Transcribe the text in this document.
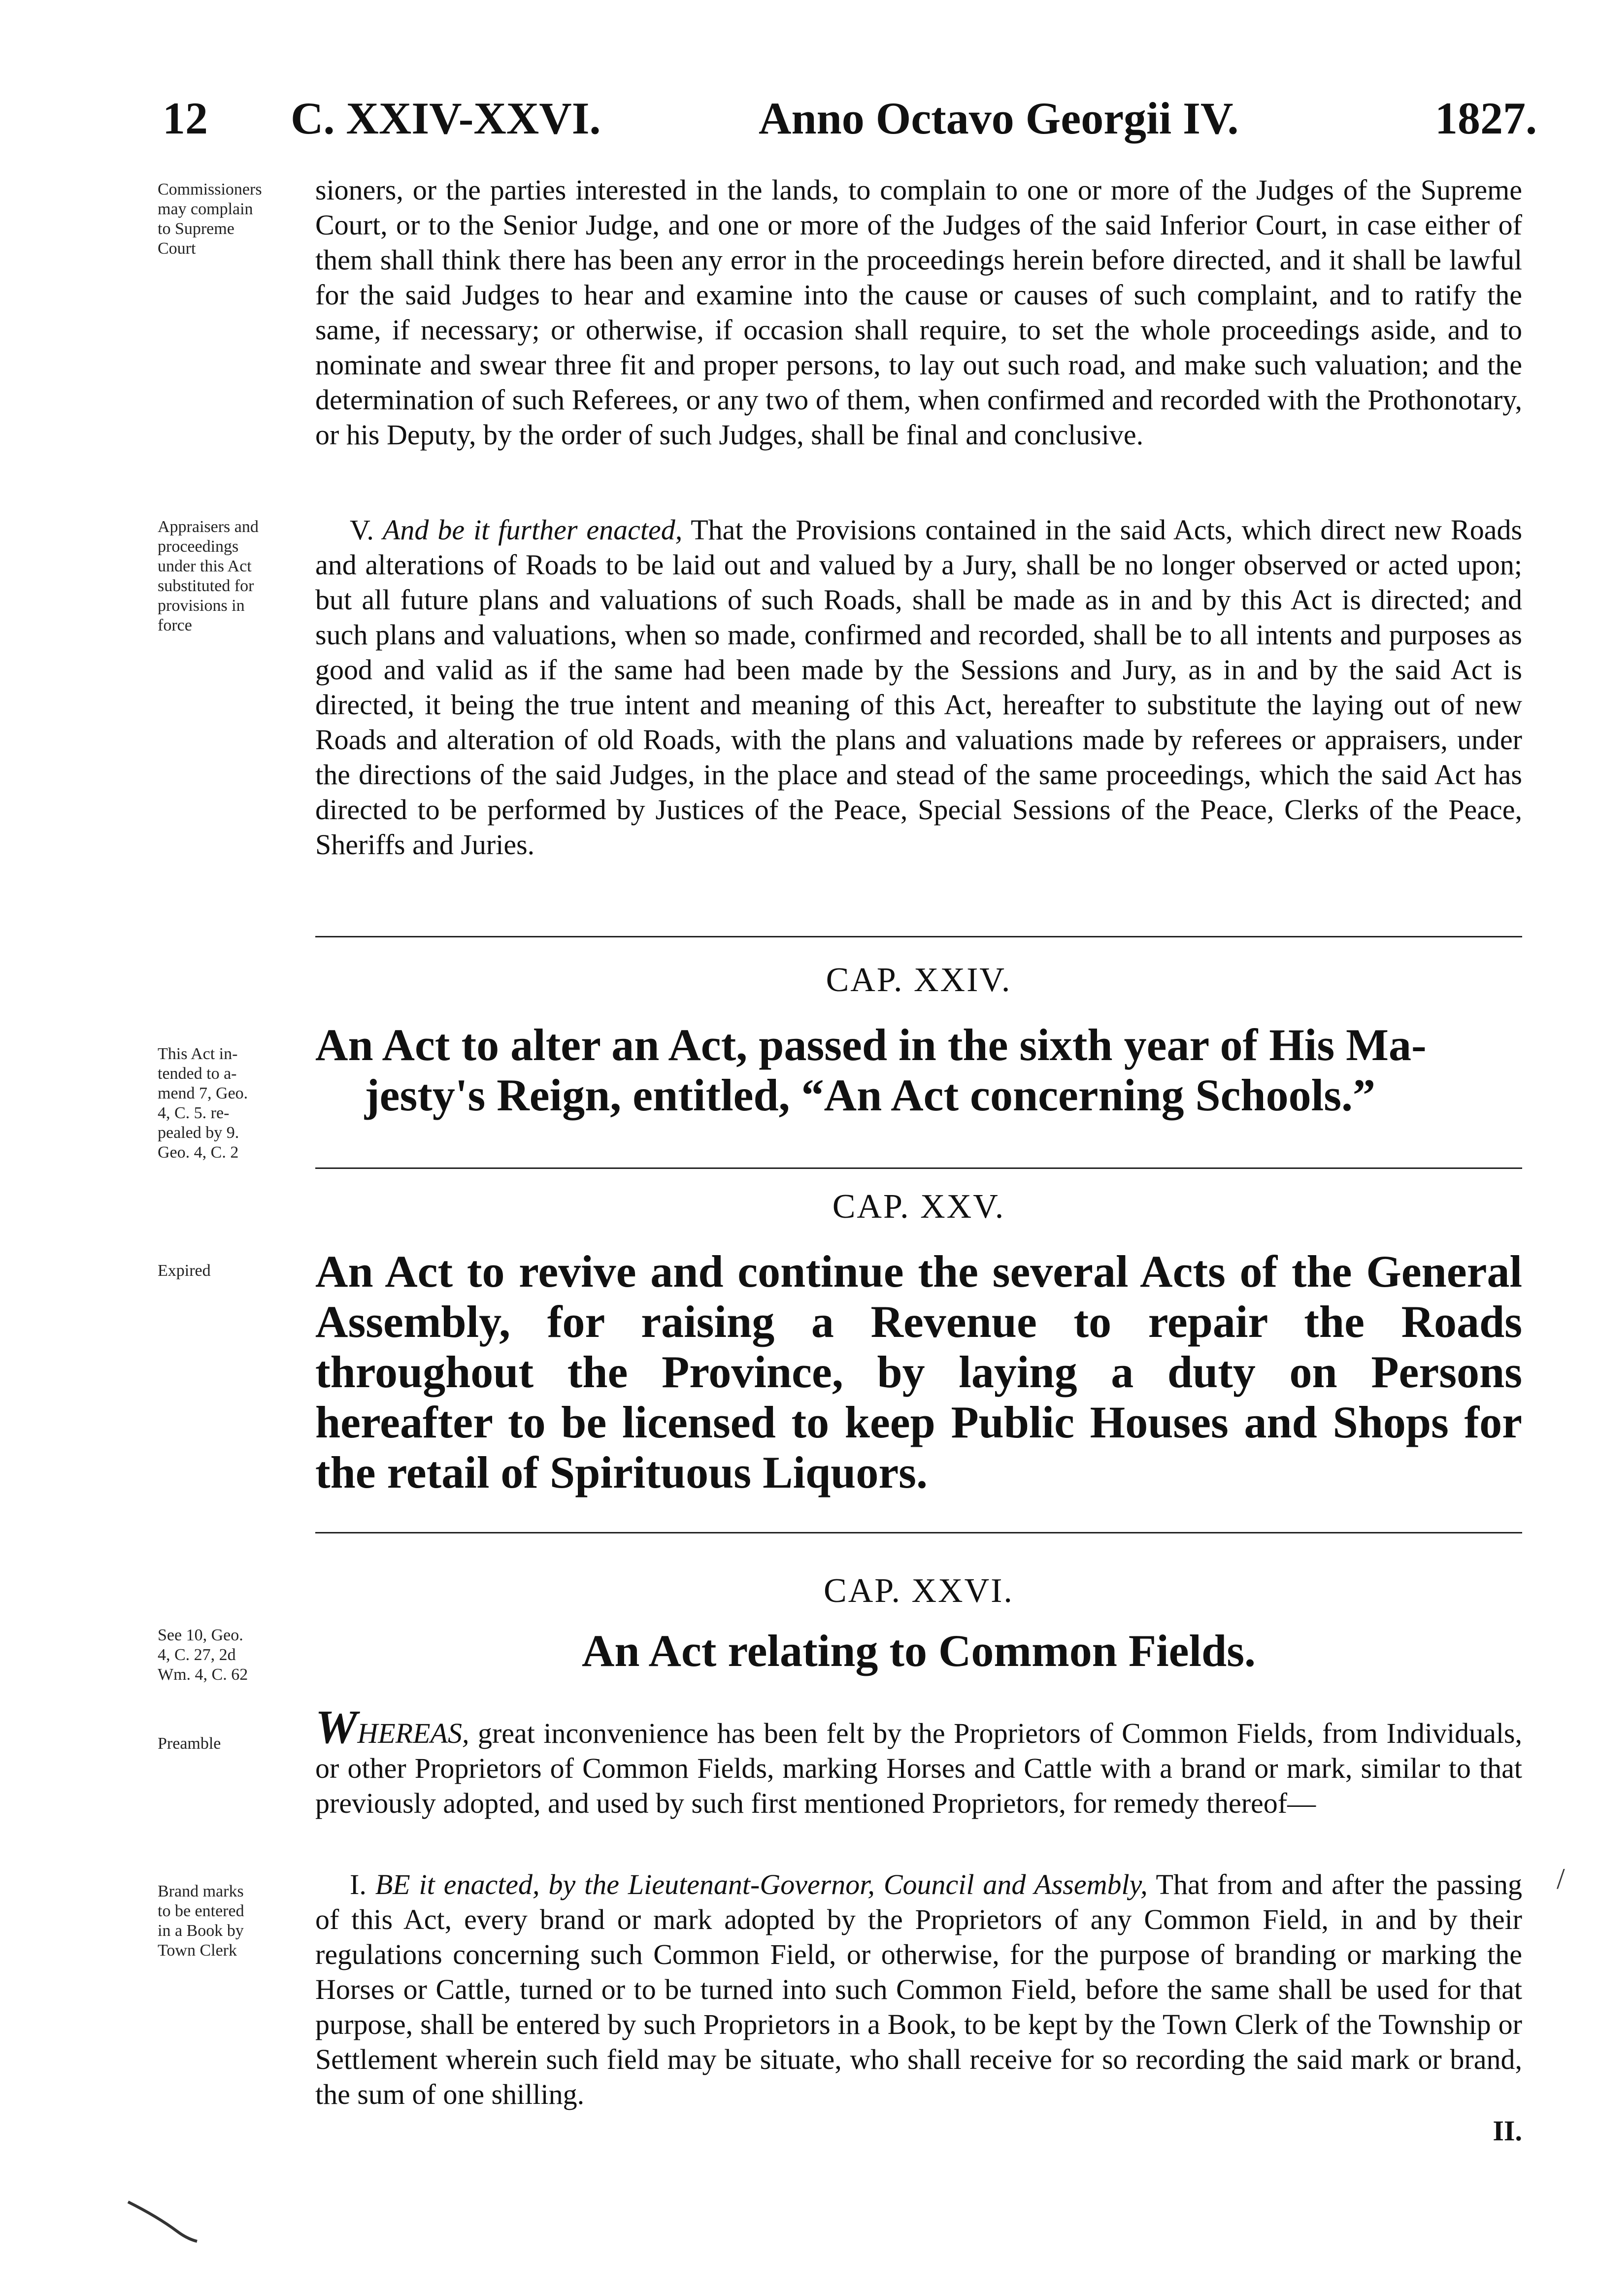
12 C. XXIV-XXVI.	Anno Octavo Georgii IV.	1827.
Commissioners
may complain
to Supreme
Court

sioners, or the parties interested in the lands, to complain to one or more of the Judges of the Supreme Court, or to the Senior Judge, and one or more of the Judges of the said Inferior Court, in case either of them shall think there has been any error in the proceedings herein before directed, and it shall be lawful for the said Judges to hear and examine into the cause or causes of such complaint, and to ratify the same, if necessary; or otherwise, if occasion shall require, to set the whole proceedings aside, and to nominate and swear three fit and proper persons, to lay out such road, and make such valuation; and the determination of such Referees, or any two of them, when confirmed and recorded with the Prothonotary, or his Deputy, by the order of such Judges, shall be final and conclusive.

Appraisers and
proceedings
under this Act
substituted for
provisions in
force

V. And be it further enacted, That the Provisions contained in the said Acts, which direct new Roads and alterations of Roads to be laid out and valued by a Jury, shall be no longer observed or acted upon; but all future plans and valuations of such Roads, shall be made as in and by this Act is directed; and such plans and valuations, when so made, confirmed and recorded, shall be to all intents and purposes as good and valid as if the same had been made by the Sessions and Jury, as in and by the said Act is directed, it being the true intent and meaning of this Act, hereafter to substitute the laying out of new Roads and alteration of old Roads, with the plans and valuations made by referees or appraisers, under the directions of the said Judges, in the place and stead of the same proceedings, which the said Act has directed to be performed by Justices of the Peace, Special Sessions of the Peace, Clerks of the Peace, Sheriffs and Juries.

CAP. XXIV.
This Act in-
tended to a-
mend 7, Geo.
4, C. 5. re-
pealed by 9.
Geo. 4, C. 2
An Act to alter an Act, passed in the sixth year of His Ma-
jesty's Reign, entitled, “An Act concerning Schools.”
CAP. XXV.
Expired	An Act to revive and continue the several Acts of the General Assembly, for raising a Revenue to repair the Roads throughout the Province, by laying a duty on Persons hereafter to be licensed to keep Public Houses and Shops for the retail of Spirituous Liquors.
CAP. XXVI.
See 10, Geo.
4, C. 27, 2d
Wm. 4, C. 62	An Act relating to Common Fields.
Preamble	WHEREAS, great inconvenience has been felt by the Proprietors of Common Fields, from Individuals, or other Proprietors of Common Fields, marking Horses and Cattle with a brand or mark, similar to that previously adopted, and used by such first mentioned Proprietors, for remedy thereof—

Brand marks
to be entered
in a Book by
Town Clerk

I. BE it enacted, by the Lieutenant-Governor, Council and Assembly, That from and after the passing of this Act, every brand or mark adopted by the Proprietors of any Common Field, in and by their regulations concerning such Common Field, or otherwise, for the purpose of branding or marking the Horses or Cattle, turned or to be turned into such Common Field, before the same shall be used for that purpose, shall be entered by such Proprietors in a Book, to be kept by the Town Clerk of the Township or Settlement wherein such field may be situate, who shall receive for so recording the said mark or brand, the sum of one shilling.

II.
/
